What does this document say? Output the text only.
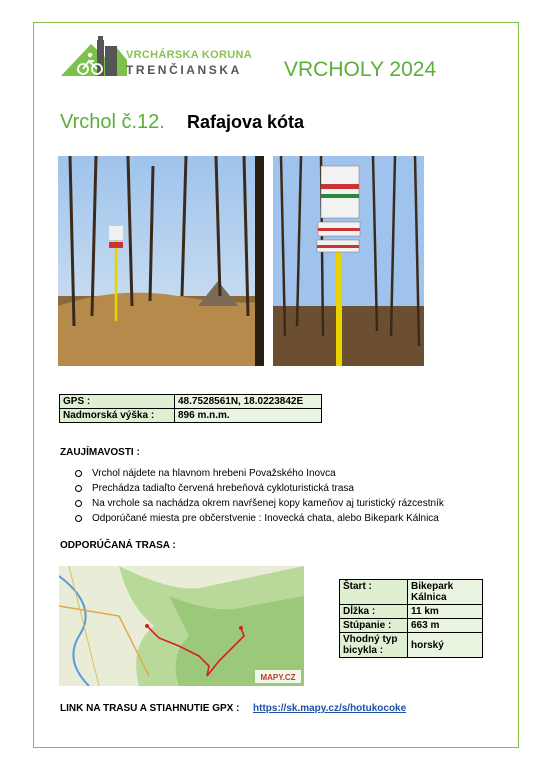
VRCHÁRSKA KORUNA
TRENČIANSKA VRCHOLY 2024
Vrchol č.12. Rafajova kóta
GPS :	48.7528561N, 18.0223842E
Nadmorská výška :	896 m.n.m.
ZAUJÍMAVOSTI :
Vrchol nájdete na hlavnom hrebeni Považského Inovca
Prechádza tadiaľto červená hrebeňová cykloturistická trasa
Na vrchole sa nachádza okrem navŕšenej kopy kameňov aj turistický rázcestník
Odporúčané miesta pre občerstvenie : Inovecká chata, alebo Bikepark Kálnica
ODPORÚČANÁ TRASA :
MAPY.CZ
Štart :	Bikepark Kálnica
Dĺžka :	11 km
Stúpanie :	663 m
Vhodný typ bicykla :	horský
LINK NA TRASU A STIAHNUTIE GPX : https://sk.mapy.cz/s/hotukocoke
